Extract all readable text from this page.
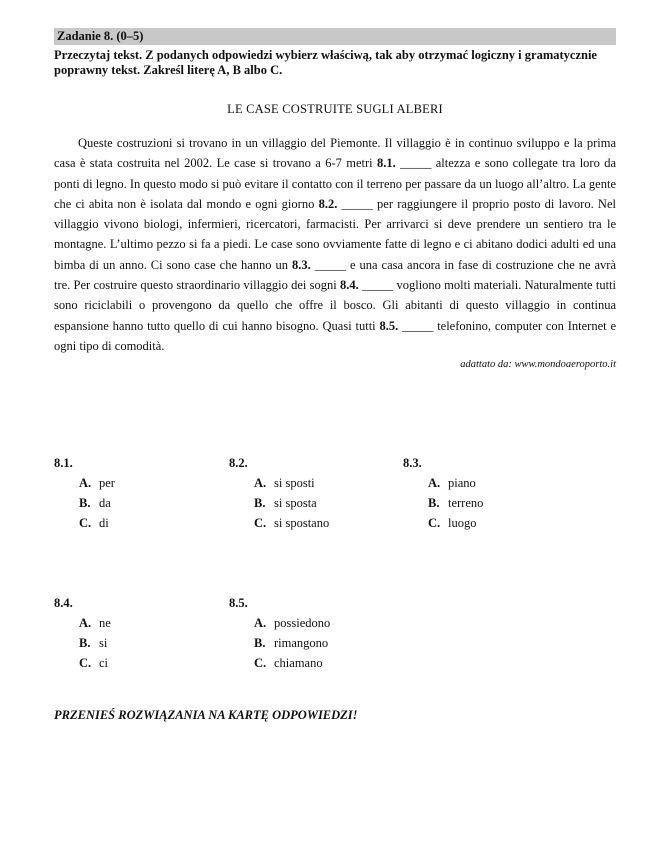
Zadanie 8. (0–5)
Przeczytaj tekst. Z podanych odpowiedzi wybierz właściwą, tak aby otrzymać logiczny i gramatycznie poprawny tekst. Zakreśl literę A, B albo C.
LE CASE COSTRUITE SUGLI ALBERI

Queste costruzioni si trovano in un villaggio del Piemonte. Il villaggio è in continuo sviluppo e la prima casa è stata costruita nel 2002. Le case si trovano a 6-7 metri 8.1. _____ altezza e sono collegate tra loro da ponti di legno. In questo modo si può evitare il contatto con il terreno per passare da un luogo all’altro. La gente che ci abita non è isolata dal mondo e ogni giorno 8.2. _____ per raggiungere il proprio posto di lavoro. Nel villaggio vivono biologi, infermieri, ricercatori, farmacisti. Per arrivarci si deve prendere un sentiero tra le montagne. L’ultimo pezzo si fa a piedi. Le case sono ovviamente fatte di legno e ci abitano dodici adulti ed una bimba di un anno. Ci sono case che hanno un 8.3. _____ e una casa ancora in fase di costruzione che ne avrà tre. Per costruire questo straordinario villaggio dei sogni 8.4. _____ vogliono molti materiali. Naturalmente tutti sono riciclabili o provengono da quello che offre il bosco. Gli abitanti di questo villaggio in continua espansione hanno tutto quello di cui hanno bisogno. Quasi tutti 8.5. _____ telefonino, computer con Internet e ogni tipo di comodità.

adattato da: www.mondoaeroporto.it
8.1.
A. per
B. da
C. di
8.2.
A. si sposti
B. si sposta
C. si spostano
8.3.
A. piano
B. terreno
C. luogo
8.4.
A. ne
B. si
C. ci
8.5.
A. possiedono
B. rimangono
C. chiamano
PRZENIEŚ ROZWIĄZANIA NA KARTĘ ODPOWIEDZI!
